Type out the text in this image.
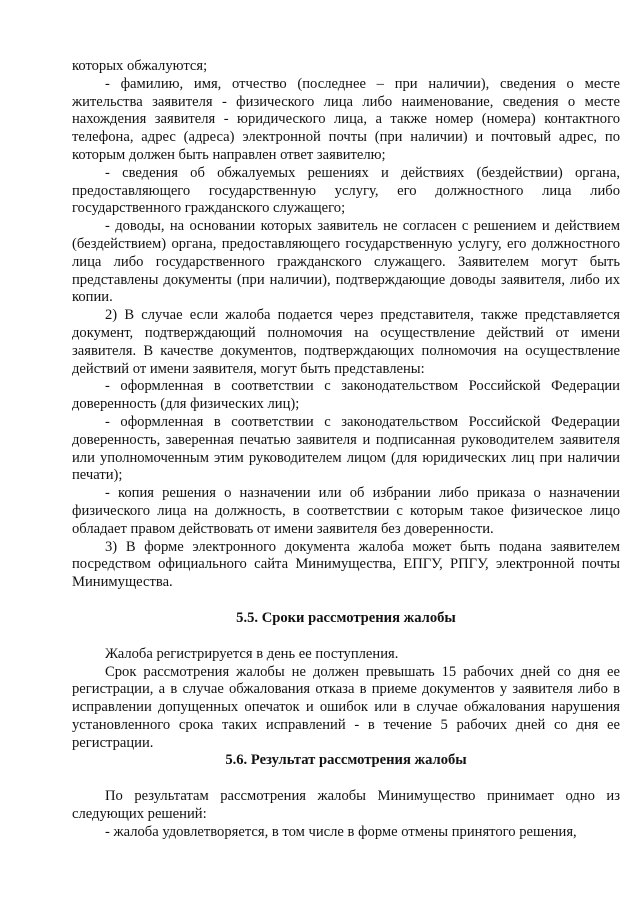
которых обжалуются;

- фамилию, имя, отчество (последнее – при наличии), сведения о месте жительства заявителя - физического лица либо наименование, сведения о месте нахождения заявителя - юридического лица, а также номер (номера) контактного телефона, адрес (адреса) электронной почты (при наличии) и почтовый адрес, по которым должен быть направлен ответ заявителю;

- сведения об обжалуемых решениях и действиях (бездействии) органа, предоставляющего государственную услугу, его должностного лица либо государственного гражданского служащего;

- доводы, на основании которых заявитель не согласен с решением и действием (бездействием) органа, предоставляющего государственную услугу, его должностного лица либо государственного гражданского служащего. Заявителем могут быть представлены документы (при наличии), подтверждающие доводы заявителя, либо их копии.

2) В случае если жалоба подается через представителя, также представляется документ, подтверждающий полномочия на осуществление действий от имени заявителя. В качестве документов, подтверждающих полномочия на осуществление действий от имени заявителя, могут быть представлены:

- оформленная в соответствии с законодательством Российской Федерации доверенность (для физических лиц);

- оформленная в соответствии с законодательством Российской Федерации доверенность, заверенная печатью заявителя и подписанная руководителем заявителя или уполномоченным этим руководителем лицом (для юридических лиц при наличии печати);

- копия решения о назначении или об избрании либо приказа о назначении физического лица на должность, в соответствии с которым такое физическое лицо обладает правом действовать от имени заявителя без доверенности.

3) В форме электронного документа жалоба может быть подана заявителем посредством официального сайта Минимущества, ЕПГУ, РПГУ, электронной почты Минимущества.

5.5. Сроки рассмотрения жалобы

Жалоба регистрируется в день ее поступления.

Срок рассмотрения жалобы не должен превышать 15 рабочих дней со дня ее регистрации, а в случае обжалования отказа в приеме документов у заявителя либо в исправлении допущенных опечаток и ошибок или в случае обжалования нарушения установленного срока таких исправлений - в течение 5 рабочих дней со дня ее регистрации.

5.6. Результат рассмотрения жалобы

По результатам рассмотрения жалобы Минимущество принимает одно из следующих решений:

- жалоба удовлетворяется, в том числе в форме отмены принятого решения,
